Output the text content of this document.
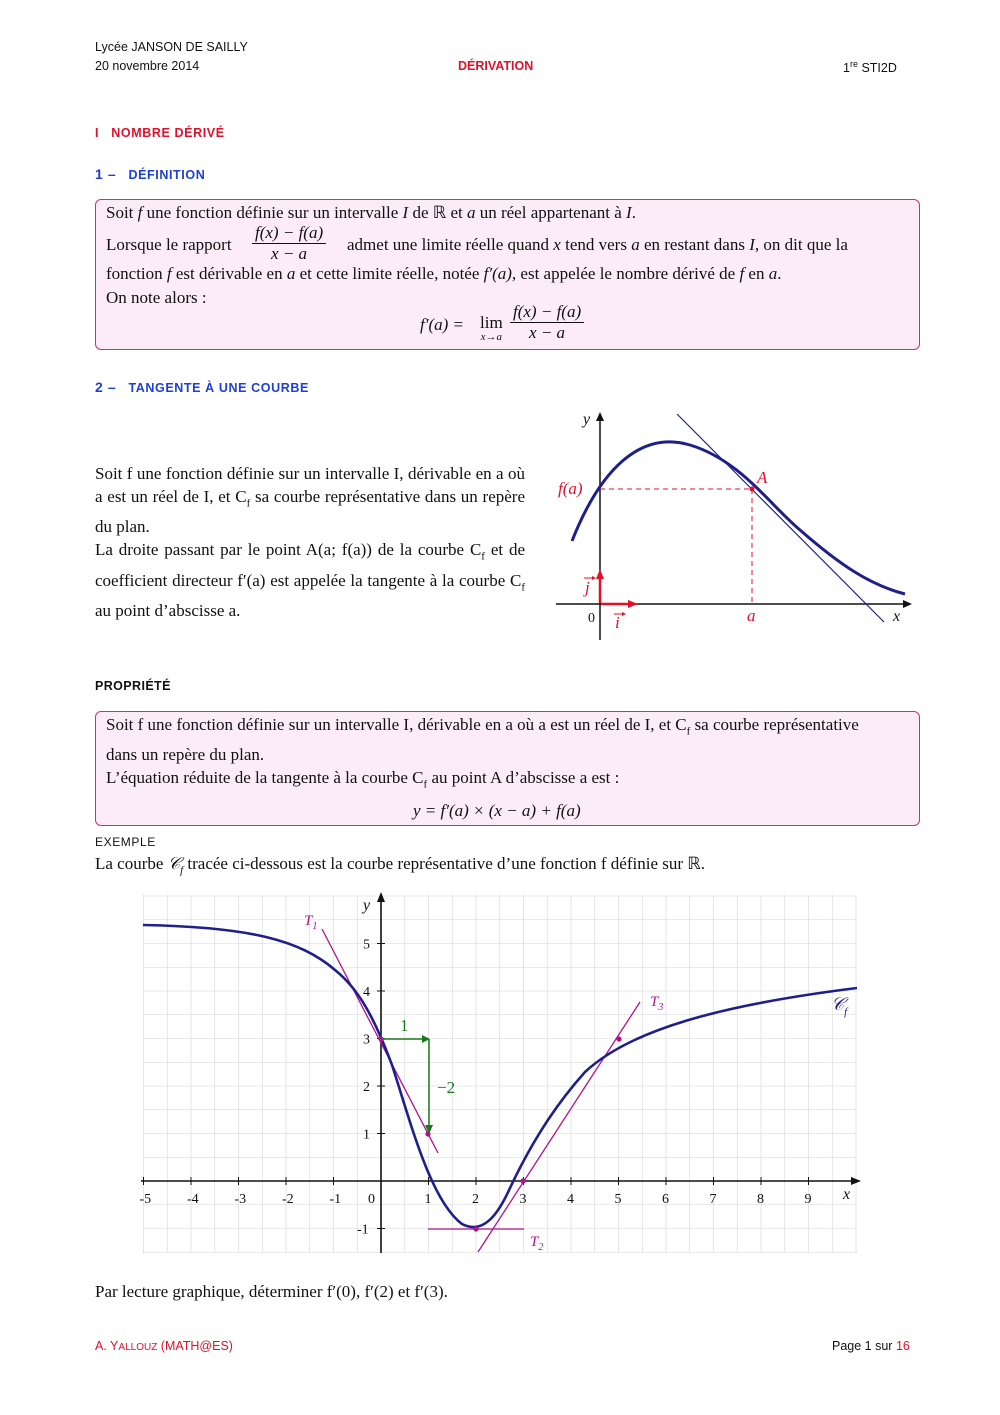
Lycée JANSON DE SAILLY
20 novembre 2014	DÉRIVATION	1re STI2D
I NOMBRE DÉRIVÉ
1 – DÉFINITION
Soit f une fonction définie sur un intervalle I de ℝ et a un réel appartenant à I.
Lorsque le rapport $\frac{f(x) - f(a)}{x - a}$ admet une limite réelle quand x tend vers a en restant dans I, on dit que la
fonction f est dérivable en a et cette limite réelle, notée f′(a), est appelée le nombre dérivé de f en a.
On note alors :
f′(a) = lim
$x\to a \frac{f(x) - f(a)}{x - a}$
2 – TANGENTE À UNE COURBE
Soit f une fonction définie sur un intervalle I, dérivable en a où a est un réel de I, et $C_f$ sa courbe représentative dans un repère du plan.
La droite passant par le point A(a; f(a)) de la courbe $C_f$ et de coefficient directeur f′(a) est appelée la tangente à la courbe $C_f$ au point d’abscisse a.
y
x
0
f(a)
A
a
i
j
PROPRIÉTÉ
Soit f une fonction définie sur un intervalle I, dérivable en a où a est un réel de I, et $C_f$ sa courbe représentative
dans un repère du plan.
L’équation réduite de la tangente à la courbe $C_f$ au point A d’abscisse a est :
y = f′(a) × (x − a) + f(a)
EXEMPLE
La courbe 𝒞$_f$ tracée ci-dessous est la courbe représentative d’une fonction f définie sur ℝ.
-5	-4	-3	-2	-1 0	1	2	3	4	5	6	7	8	9
-1
1
2
3
4
5
1
−2
$T_1$
$T_2$
$T_3$	𝒞$_f$
y
x
Par lecture graphique, déterminer f′(0), f′(2) et f′(3).
A. YALLOUZ (MATH@ES)	Page 1 sur 16
